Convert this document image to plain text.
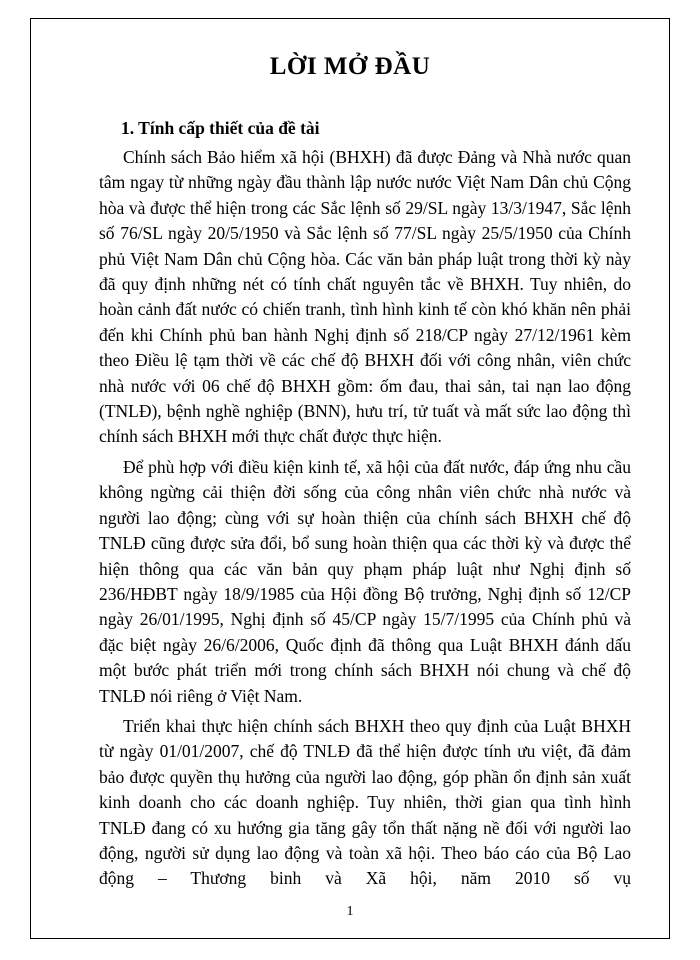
LỜI MỞ ĐẦU
1. Tính cấp thiết của đề tài

Chính sách Bảo hiểm xã hội (BHXH) đã được Đảng và Nhà nước quan tâm ngay từ những ngày đầu thành lập nước nước Việt Nam Dân chủ Cộng hòa và được thể hiện trong các Sắc lệnh số 29/SL ngày 13/3/1947, Sắc lệnh số 76/SL ngày 20/5/1950 và Sắc lệnh số 77/SL ngày 25/5/1950 của Chính phủ Việt Nam Dân chủ Cộng hòa. Các văn bản pháp luật trong thời kỳ này đã quy định những nét có tính chất nguyên tắc về BHXH. Tuy nhiên, do hoàn cảnh đất nước có chiến tranh, tình hình kinh tế còn khó khăn nên phải đến khi Chính phủ ban hành Nghị định số 218/CP ngày 27/12/1961 kèm theo Điều lệ tạm thời về các chế độ BHXH đối với công nhân, viên chức nhà nước với 06 chế độ BHXH gồm: ốm đau, thai sản, tai nạn lao động (TNLĐ), bệnh nghề nghiệp (BNN), hưu trí, tử tuất và mất sức lao động thì chính sách BHXH mới thực chất được thực hiện.

Để phù hợp với điều kiện kinh tế, xã hội của đất nước, đáp ứng nhu cầu không ngừng cải thiện đời sống của công nhân viên chức nhà nước và người lao động; cùng với sự hoàn thiện của chính sách BHXH chế độ TNLĐ cũng được sửa đổi, bổ sung hoàn thiện qua các thời kỳ và được thể hiện thông qua các văn bản quy phạm pháp luật như Nghị định số 236/HĐBT ngày 18/9/1985 của Hội đồng Bộ trưởng, Nghị định số 12/CP ngày 26/01/1995, Nghị định số 45/CP ngày 15/7/1995 của Chính phủ và đặc biệt ngày 26/6/2006, Quốc định đã thông qua Luật BHXH đánh dấu một bước phát triển mới trong chính sách BHXH nói chung và chế độ TNLĐ nói riêng ở Việt Nam.

Triển khai thực hiện chính sách BHXH theo quy định của Luật BHXH từ ngày 01/01/2007, chế độ TNLĐ đã thể hiện được tính ưu việt, đã đảm bảo được quyền thụ hưởng của người lao động, góp phần ổn định sản xuất kinh doanh cho các doanh nghiệp. Tuy nhiên, thời gian qua tình hình TNLĐ đang có xu hướng gia tăng gây tổn thất nặng nề đối với người lao động, người sử dụng lao động và toàn xã hội. Theo báo cáo của Bộ Lao động – Thương binh và Xã hội, năm 2010 số vụ

1
